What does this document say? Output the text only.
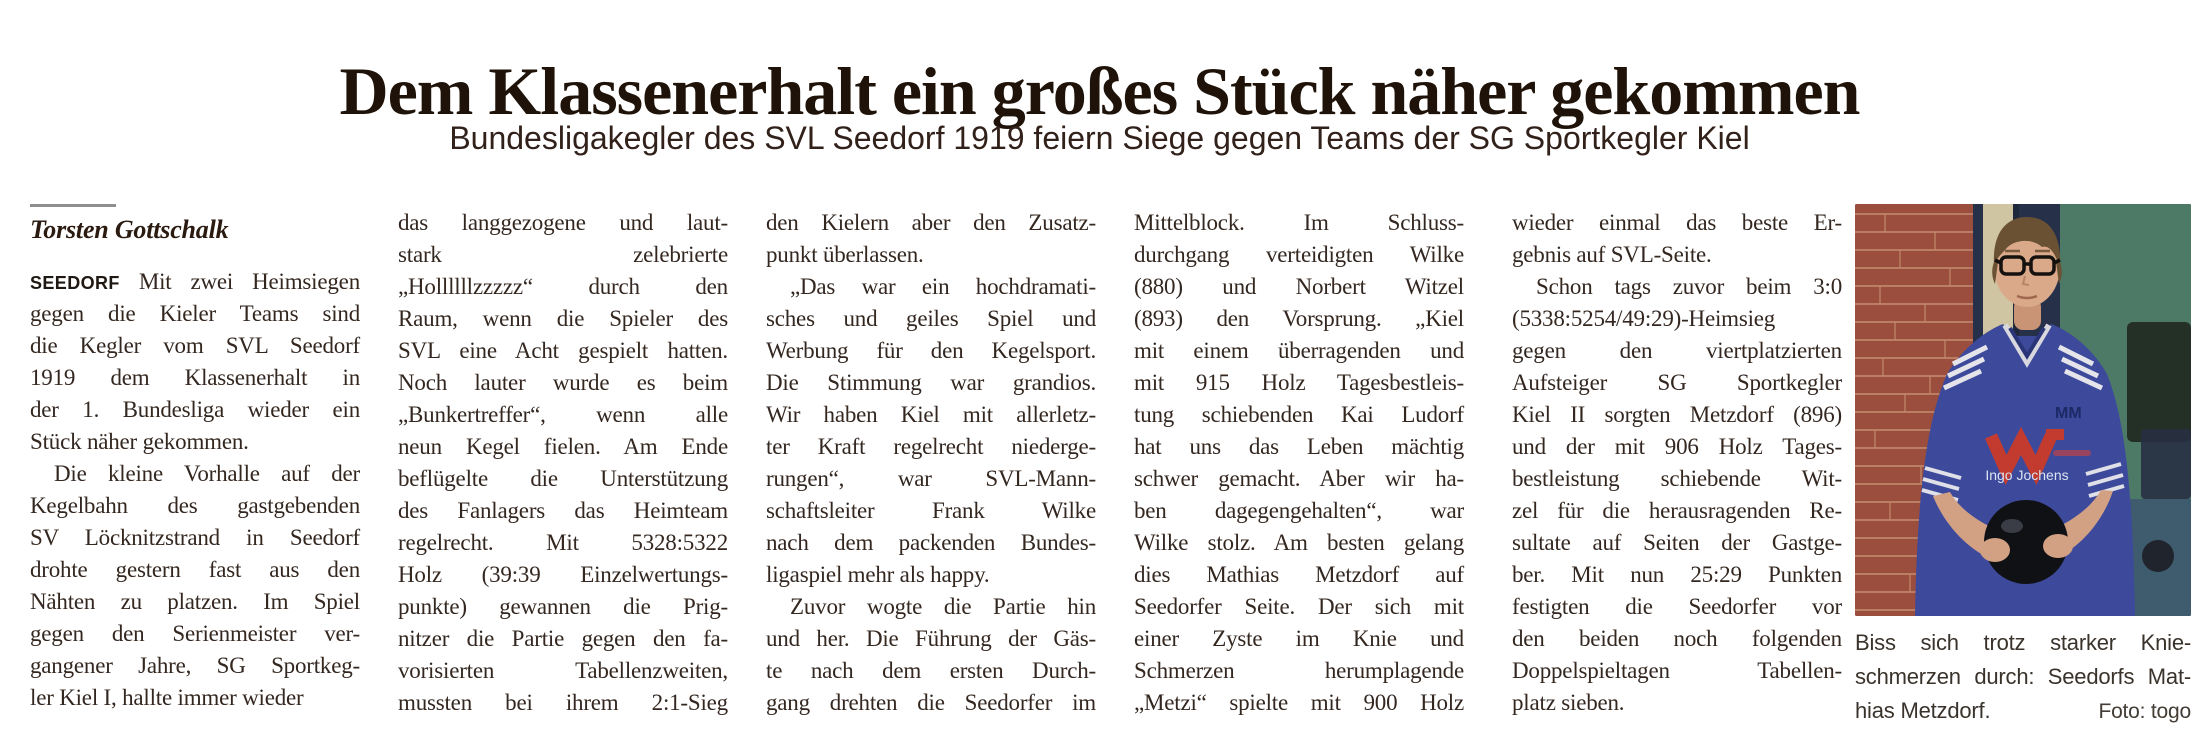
Dem Klassenerhalt ein großes Stück näher gekommen
Bundesligakegler des SVL Seedorf 1919 feiern Siege gegen Teams der SG Sportkegler Kiel
Torsten Gottschalk
SEEDORF Mit zwei Heimsiegen
gegen die Kieler Teams sind
die Kegler vom SVL Seedorf
1919 dem Klassenerhalt in
der 1. Bundesliga wieder ein
Stück näher gekommen.
Die kleine Vorhalle auf der
Kegelbahn des gastgebenden
SV Löcknitzstrand in Seedorf
drohte gestern fast aus den
Nähten zu platzen. Im Spiel
gegen den Serienmeister ver-
gangener Jahre, SG Sportkeg-
ler Kiel I, hallte immer wieder
das langgezogene und laut-
stark zelebrierte
„Hollllllzzzzz“ durch den
Raum, wenn die Spieler des
SVL eine Acht gespielt hatten.
Noch lauter wurde es beim
„Bunkertreffer“, wenn alle
neun Kegel fielen. Am Ende
beflügelte die Unterstützung
des Fanlagers das Heimteam
regelrecht. Mit 5328:5322
Holz (39:39 Einzelwertungs-
punkte) gewannen die Prig-
nitzer die Partie gegen den fa-
vorisierten Tabellenzweiten,
mussten bei ihrem 2:1-Sieg
den Kielern aber den Zusatz-
punkt überlassen.
„Das war ein hochdramati-
sches und geiles Spiel und
Werbung für den Kegelsport.
Die Stimmung war grandios.
Wir haben Kiel mit allerletz-
ter Kraft regelrecht niederge-
rungen“, war SVL-Mann-
schaftsleiter Frank Wilke
nach dem packenden Bundes-
ligaspiel mehr als happy.
Zuvor wogte die Partie hin
und her. Die Führung der Gäs-
te nach dem ersten Durch-
gang drehten die Seedorfer im
Mittelblock. Im Schluss-
durchgang verteidigten Wilke
(880) und Norbert Witzel
(893) den Vorsprung. „Kiel
mit einem überragenden und
mit 915 Holz Tagesbestleis-
tung schiebenden Kai Ludorf
hat uns das Leben mächtig
schwer gemacht. Aber wir ha-
ben dagegengehalten“, war
Wilke stolz. Am besten gelang
dies Mathias Metzdorf auf
Seedorfer Seite. Der sich mit
einer Zyste im Knie und
Schmerzen herumplagende
„Metzi“ spielte mit 900 Holz
wieder einmal das beste Er-
gebnis auf SVL-Seite.
Schon tags zuvor beim 3:0
(5338:5254/49:29)-Heimsieg
gegen den viertplatzierten
Aufsteiger SG Sportkegler
Kiel II sorgten Metzdorf (896)
und der mit 906 Holz Tages-
bestleistung schiebende Wit-
zel für die herausragenden Re-
sultate auf Seiten der Gastge-
ber. Mit nun 25:29 Punkten
festigten die Seedorfer vor
den beiden noch folgenden
Doppelspieltagen Tabellen-
platz sieben.
MM
Ingo Jochens
Biss sich trotz starker Knie-
schmerzen durch: Seedorfs Mat-
hias Metzdorf.	Foto: togo
